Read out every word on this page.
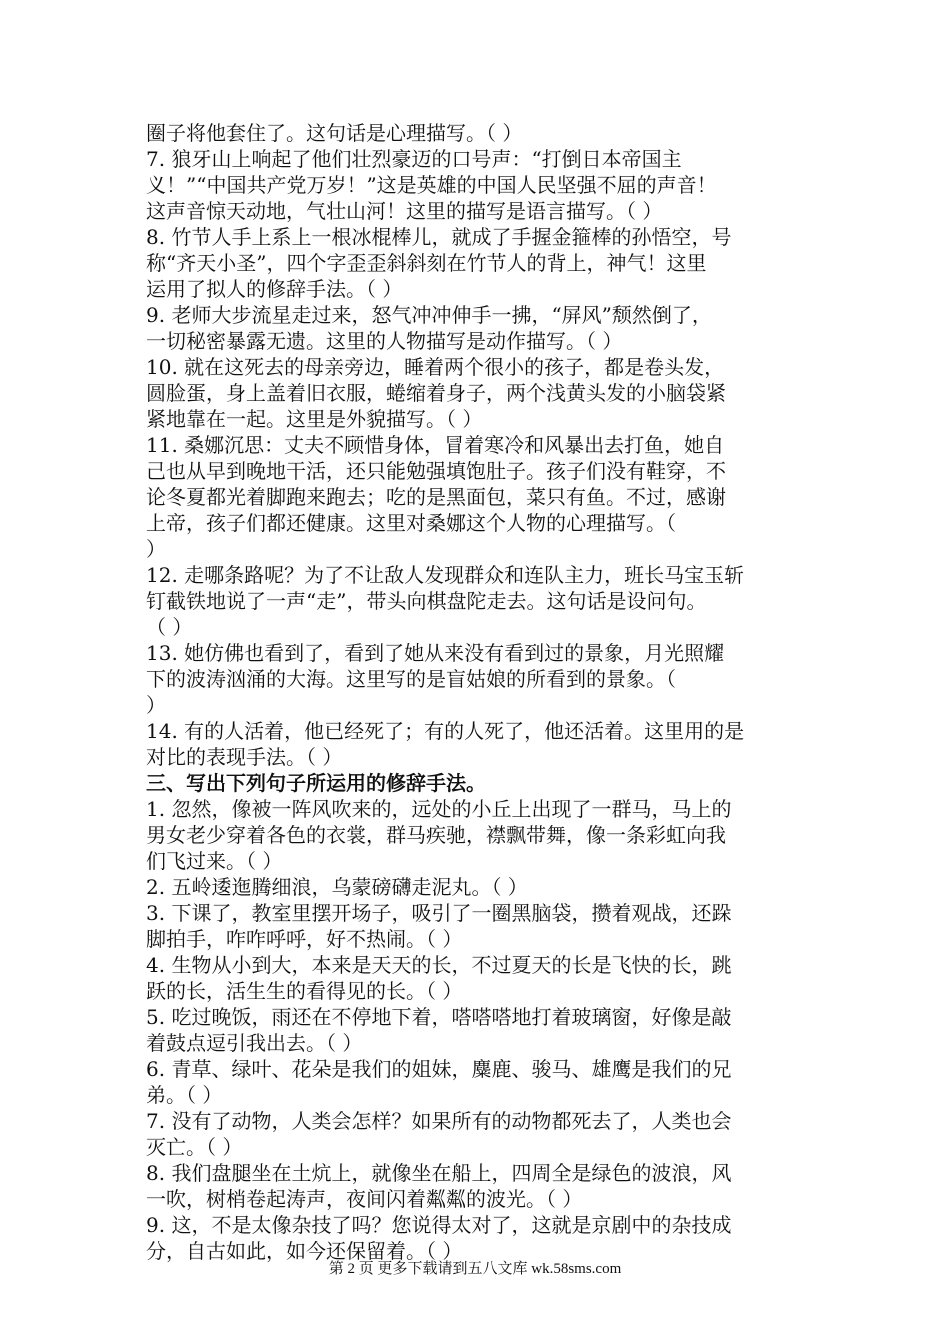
圈子将他套住了。这句话是心理描写。（ ）
7. 狼牙山上响起了他们壮烈豪迈的口号声：“打倒日本帝国主
义！”“中国共产党万岁！”这是英雄的中国人民坚强不屈的声音！
这声音惊天动地，气壮山河！这里的描写是语言描写。（ ）
8. 竹节人手上系上一根冰棍棒儿，就成了手握金箍棒的孙悟空，号
称“齐天小圣”，四个字歪歪斜斜刻在竹节人的背上，神气！这里
运用了拟人的修辞手法。（ ）
9. 老师大步流星走过来，怒气冲冲伸手一拂，“屏风”颓然倒了，
一切秘密暴露无遗。这里的人物描写是动作描写。（ ）
10. 就在这死去的母亲旁边，睡着两个很小的孩子，都是卷头发，
圆脸蛋，身上盖着旧衣服，蜷缩着身子，两个浅黄头发的小脑袋紧
紧地靠在一起。这里是外貌描写。（ ）
11. 桑娜沉思：丈夫不顾惜身体，冒着寒冷和风暴出去打鱼，她自
己也从早到晚地干活，还只能勉强填饱肚子。孩子们没有鞋穿，不
论冬夏都光着脚跑来跑去；吃的是黑面包，菜只有鱼。不过，感谢
上帝，孩子们都还健康。这里对桑娜这个人物的心理描写。（
）
12. 走哪条路呢？为了不让敌人发现群众和连队主力，班长马宝玉斩
钉截铁地说了一声“走”，带头向棋盘陀走去。这句话是设问句。
（ ）
13. 她仿佛也看到了，看到了她从来没有看到过的景象，月光照耀
下的波涛汹涌的大海。这里写的是盲姑娘的所看到的景象。（
）
14. 有的人活着，他已经死了；有的人死了，他还活着。这里用的是
对比的表现手法。（ ）
三、写出下列句子所运用的修辞手法。
1. 忽然，像被一阵风吹来的，远处的小丘上出现了一群马，马上的
男女老少穿着各色的衣裳，群马疾驰，襟飘带舞，像一条彩虹向我
们飞过来。（ ）
2. 五岭逶迤腾细浪，乌蒙磅礴走泥丸。（ ）
3. 下课了，教室里摆开场子，吸引了一圈黑脑袋，攒着观战，还跺
脚拍手，咋咋呼呼，好不热闹。（ ）
4. 生物从小到大，本来是天天的长，不过夏天的长是飞快的长，跳
跃的长，活生生的看得见的长。（ ）
5. 吃过晚饭，雨还在不停地下着，嗒嗒嗒地打着玻璃窗，好像是敲
着鼓点逗引我出去。（ ）
6. 青草、绿叶、花朵是我们的姐妹，麋鹿、骏马、雄鹰是我们的兄
弟。（ ）
7. 没有了动物，人类会怎样？如果所有的动物都死去了，人类也会
灭亡。（ ）
8. 我们盘腿坐在土炕上，就像坐在船上，四周全是绿色的波浪，风
一吹，树梢卷起涛声，夜间闪着粼粼的波光。（ ）
9. 这，不是太像杂技了吗？您说得太对了，这就是京剧中的杂技成
分，自古如此，如今还保留着。（ ）
第 2 页 更多下载请到五八文库 wk.58sms.com
